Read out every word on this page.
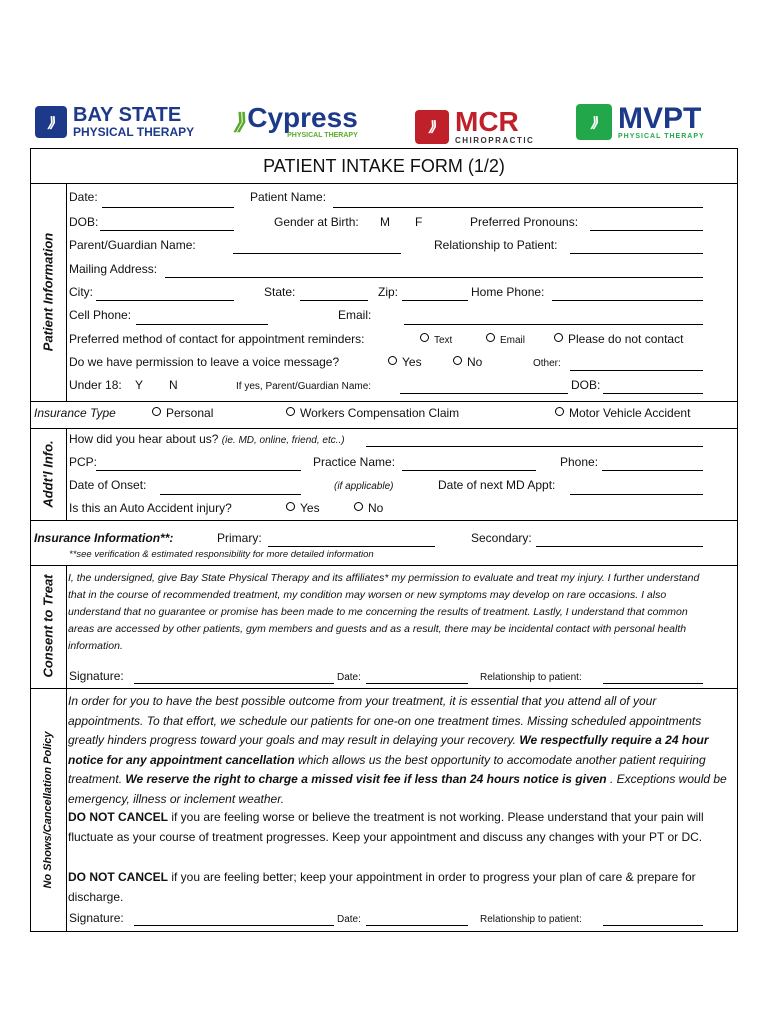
⟫ BAY STATE
PHYSICAL THERAPY ⟫ Cypress
PHYSICAL THERAPY
⟫ MCR
CHIROPRACTIC
⟫ MVPT
PHYSICAL THERAPY
PATIENT INTAKE FORM (1/2)
Patient Information
Addt'l Info.
Consent to Treat
No Shows/Cancellation Policy
Date:	Patient Name:
DOB:	Gender at Birth: M F	Preferred Pronouns:
Parent/Guardian Name:	Relationship to Patient:
Mailing Address:
City:	State:	Zip:	Home Phone:
Cell Phone:	Email:
Preferred method of contact for appointment reminders:	Text	Email	Please do not contact
Do we have permission to leave a voice message?	Yes	No	Other:
Under 18: Y N	If yes, Parent/Guardian Name:	DOB:
Insurance Type	Personal	Workers Compensation Claim	Motor Vehicle Accident
How did you hear about us? (ie. MD, online, friend, etc..)
PCP:	Practice Name:	Phone:
Date of Onset:	(if applicable)	Date of next MD Appt:
Is this an Auto Accident injury?	Yes	No
Insurance Information**:	Primary:	Secondary:
**see verification & estimated responsibility for more detailed information
I, the undersigned, give Bay State Physical Therapy and its affiliates* my permission to evaluate and treat my injury. I further understand that in the course of recommended treatment, my condition may worsen or new symptoms may develop on rare occasions. I also understand that no guarantee or promise has been made to me concerning the results of treatment. Lastly, I understand that common areas are accessed by other patients, gym members and guests and as a result, there may be incidental contact with personal health information.
Signature:	Date:	Relationship to patient:
In order for you to have the best possible outcome from your treatment, it is essential that you attend all of your appointments. To that effort, we schedule our patients for one-on one treatment times. Missing scheduled appointments greatly hinders progress toward your goals and may result in delaying your recovery. We respectfully require a 24 hour notice for any appointment cancellation which allows us the best opportunity to accomodate another patient requiring treatment. We reserve the right to charge a missed visit fee if less than 24 hours notice is given . Exceptions would be emergency, illness or inclement weather.
DO NOT CANCEL if you are feeling worse or believe the treatment is not working. Please understand that your pain will fluctuate as your course of treatment progresses. Keep your appointment and discuss any changes with your PT or DC.
DO NOT CANCEL if you are feeling better; keep your appointment in order to progress your plan of care & prepare for discharge.
Signature:	Date:	Relationship to patient:
